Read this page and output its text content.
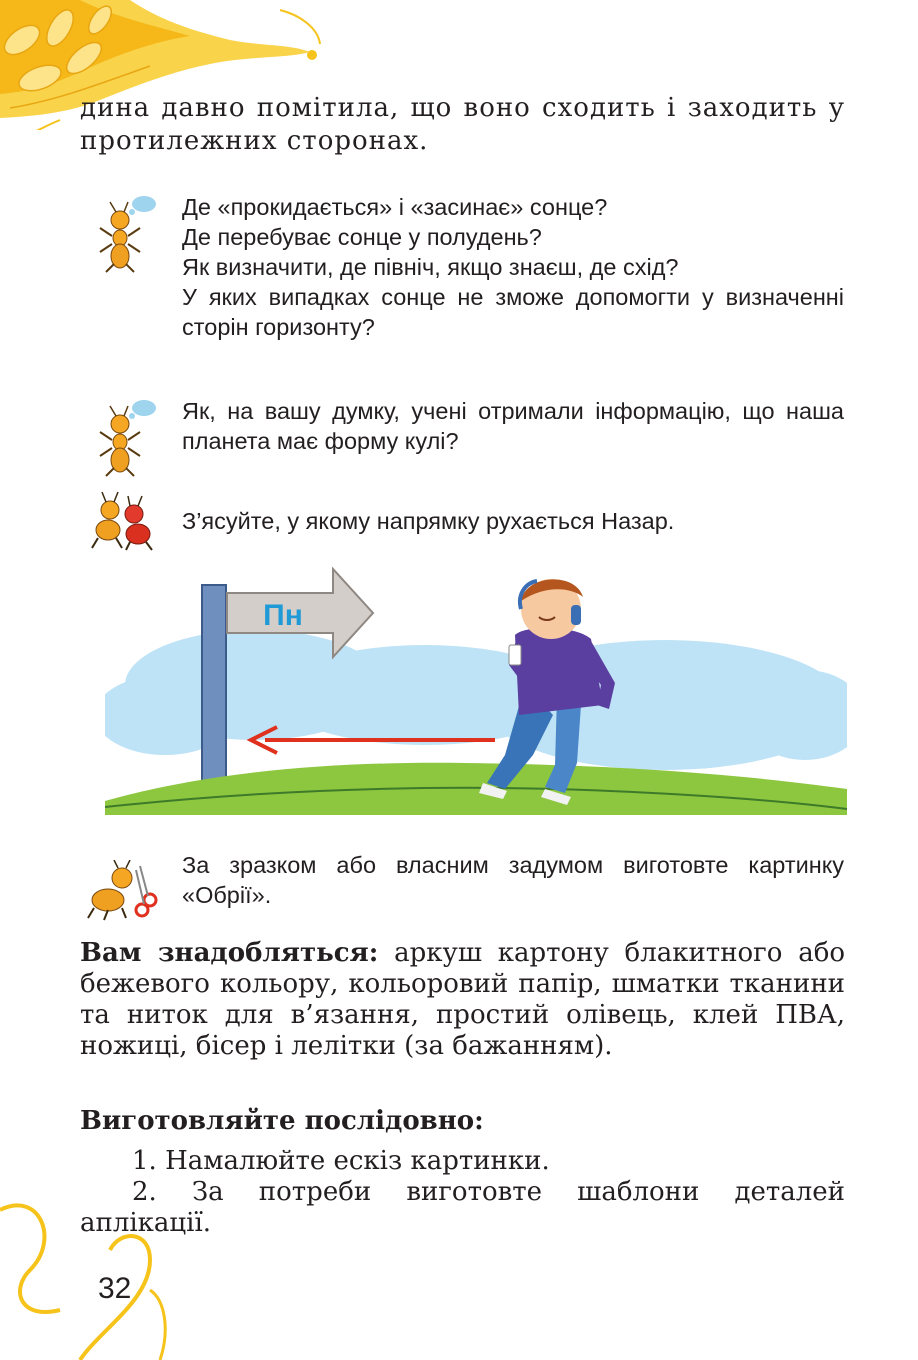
дина давно помітила, що воно сходить і заходить у протилежних сторонах.

Де «прокидається» і «засинає» сонце?

Де перебуває сонце у полудень?

Як визначити, де північ, якщо знаєш, де схід?

У яких випадках сонце не зможе допомогти у визначенні сторін горизонту?

Як, на вашу думку, учені отримали інформацію, що наша планета має форму кулі?

З’ясуйте, у якому напрямку рухається Назар.

Пн

За зразком або власним задумом виготовте картинку «Обрії».

Вам знадобляться: аркуш картону блакитного або бежевого кольору, кольоровий папір, шматки тканини та ниток для в’язання, простий олівець, клей ПВА, ножиці, бісер і лелітки (за бажанням).

Виготовляйте послідовно:

1. Намалюйте ескіз картинки.

2. За потреби виготовте шаблони деталей аплікації.

32
